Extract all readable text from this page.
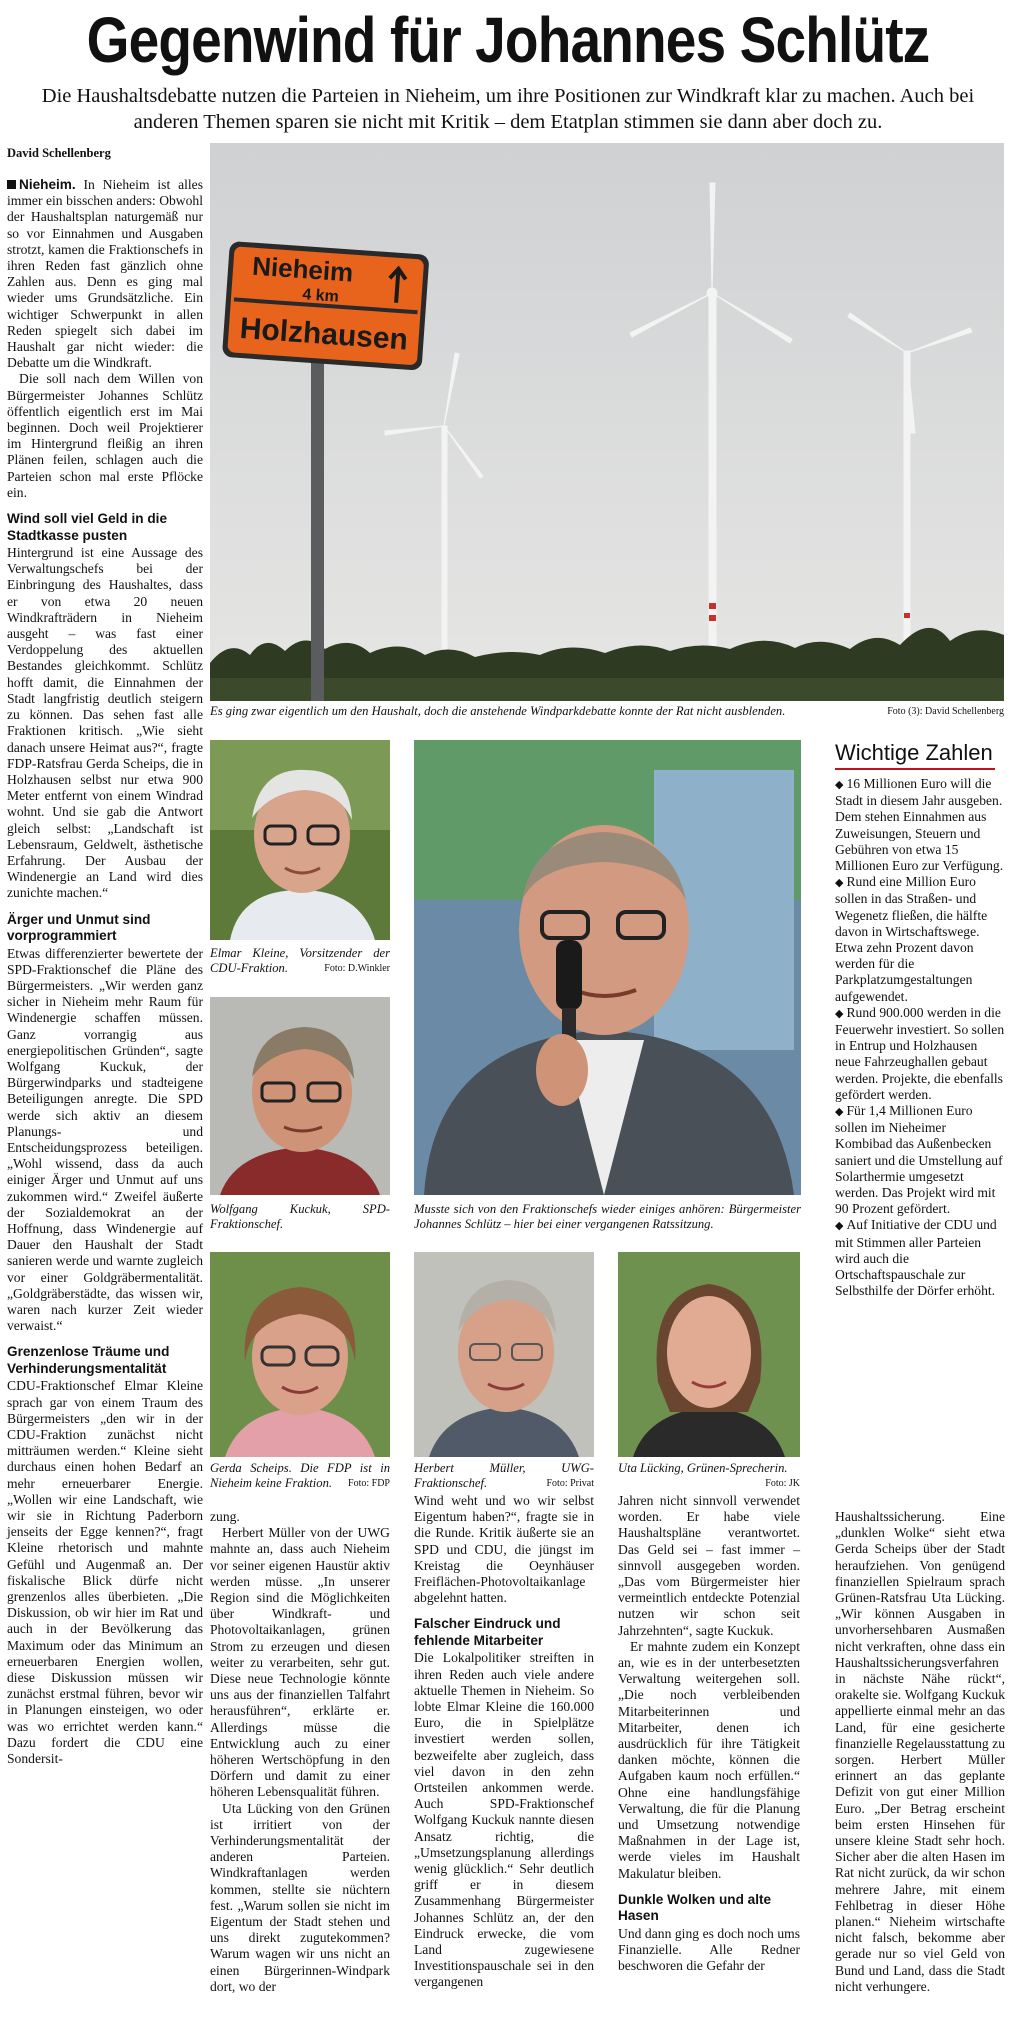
Gegenwind für Johannes Schlütz
Die Haushaltsdebatte nutzen die Parteien in Nieheim, um ihre Positionen zur Windkraft klar zu machen. Auch bei anderen Themen sparen sie nicht mit Kritik – dem Etatplan stimmen sie dann aber doch zu.
David Schellenberg

Nieheim. In Nieheim ist alles immer ein bisschen anders: Obwohl der Haushaltsplan naturgemäß nur so vor Einnahmen und Ausgaben strotzt, kamen die Fraktionschefs in ihren Reden fast gänzlich ohne Zahlen aus. Denn es ging mal wieder ums Grundsätzliche. Ein wichtiger Schwerpunkt in allen Reden spiegelt sich dabei im Haushalt gar nicht wieder: die Debatte um die Windkraft.

Die soll nach dem Willen von Bürgermeister Johannes Schlütz öffentlich eigentlich erst im Mai beginnen. Doch weil Projektierer im Hintergrund fleißig an ihren Plänen feilen, schlagen auch die Parteien schon mal erste Pflöcke ein.

Wind soll viel Geld in die Stadtkasse pusten

Hintergrund ist eine Aussage des Verwaltungschefs bei der Einbringung des Haushaltes, dass er von etwa 20 neuen Windkrafträdern in Nieheim ausgeht – was fast einer Verdoppelung des aktuellen Bestandes gleichkommt. Schlütz hofft damit, die Einnahmen der Stadt langfristig deutlich steigern zu können. Das sehen fast alle Fraktionen kritisch. „Wie sieht danach unsere Heimat aus?“, fragte FDP-Ratsfrau Gerda Scheips, die in Holzhausen selbst nur etwa 900 Meter entfernt von einem Windrad wohnt. Und sie gab die Antwort gleich selbst: „Landschaft ist Lebensraum, Geldwelt, ästhetische Erfahrung. Der Ausbau der Windenergie an Land wird dies zunichte machen.“

Ärger und Unmut sind vorprogrammiert

Etwas differenzierter bewertete der SPD-Fraktionschef die Pläne des Bürgermeisters. „Wir werden ganz sicher in Nieheim mehr Raum für Windenergie schaffen müssen. Ganz vorrangig aus energiepolitischen Gründen“, sagte Wolfgang Kuckuk, der Bürgerwindparks und stadteigene Beteiligungen anregte. Die SPD werde sich aktiv an diesem Planungs- und Entscheidungsprozess beteiligen. „Wohl wissend, dass da auch einiger Ärger und Unmut auf uns zukommen wird.“ Zweifel äußerte der Sozialdemokrat an der Hoffnung, dass Windenergie auf Dauer den Haushalt der Stadt sanieren werde und warnte zugleich vor einer Goldgräbermentalität. „Goldgräberstädte, das wissen wir, waren nach kurzer Zeit wieder verwaist.“

Grenzenlose Träume und Verhinderungsmentalität

CDU-Fraktionschef Elmar Kleine sprach gar von einem Traum des Bürgermeisters „den wir in der CDU-Fraktion zunächst nicht mitträumen werden.“ Kleine sieht durchaus einen hohen Bedarf an mehr erneuerbarer Energie. „Wollen wir eine Landschaft, wie wir sie in Richtung Paderborn jenseits der Egge kennen?“, fragt Kleine rhetorisch und mahnte Gefühl und Augenmaß an. Der fiskalische Blick dürfe nicht grenzenlos alles überbieten. „Die Diskussion, ob wir hier im Rat und auch in der Bevölkerung das Maximum oder das Minimum an erneuerbaren Energien wollen, diese Diskussion müssen wir zunächst erstmal führen, bevor wir in Planungen einsteigen, wo oder was wo errichtet werden kann.“ Dazu fordert die CDU eine Sondersit-

Nieheim
4 km
Holzhausen
Es ging zwar eigentlich um den Haushalt, doch die anstehende Windparkdebatte konnte der Rat nicht ausblenden.	Foto (3): David Schellenberg
Elmar Kleine, Vorsitzender der CDU-Fraktion.	Foto: D.Winkler
Wolfgang Kuckuk, SPD-Fraktionschef.
Musste sich von den Fraktionschefs wieder einiges anhören: Bürgermeister Johannes Schlütz – hier bei einer vergangenen Ratssitzung.
Wichtige Zahlen
◆ 16 Millionen Euro will die Stadt in diesem Jahr ausgeben. Dem stehen Einnahmen aus Zuweisungen, Steuern und Gebühren von etwa 15 Millionen Euro zur Verfügung.
◆ Rund eine Million Euro sollen in das Straßen- und Wegenetz fließen, die hälfte davon in Wirtschaftswege. Etwa zehn Prozent davon werden für die Parkplatzumgestaltungen aufgewendet.
◆ Rund 900.000 werden in die Feuerwehr investiert. So sollen in Entrup und Holzhausen neue Fahrzeughallen gebaut werden. Projekte, die ebenfalls gefördert werden.
◆ Für 1,4 Millionen Euro sollen im Nieheimer Kombibad das Außenbecken saniert und die Umstellung auf Solarthermie umgesetzt werden. Das Projekt wird mit 90 Prozent gefördert.
◆ Auf Initiative der CDU und mit Stimmen aller Parteien wird auch die Ortschaftspauschale zur Selbsthilfe der Dörfer erhöht.
Gerda Scheips. Die FDP ist in Nieheim keine Fraktion. Foto: FDP
Herbert Müller, UWG-Fraktionschef.	Foto: Privat
Uta Lücking, Grünen-Sprecherin.
Foto: JK

zung.

Herbert Müller von der UWG mahnte an, dass auch Nieheim vor seiner eigenen Haustür aktiv werden müsse. „In unserer Region sind die Möglichkeiten über Windkraft- und Photovoltaikanlagen, grünen Strom zu erzeugen und diesen weiter zu verarbeiten, sehr gut. Diese neue Technologie könnte uns aus der finanziellen Talfahrt herausführen“, erklärte er. Allerdings müsse die Entwicklung auch zu einer höheren Wertschöpfung in den Dörfern und damit zu einer höheren Lebensqualität führen.

Uta Lücking von den Grünen ist irritiert von der Verhinderungsmentalität der anderen Parteien. Windkraftanlagen werden kommen, stellte sie nüchtern fest. „Warum sollen sie nicht im Eigentum der Stadt stehen und uns direkt zugutekommen? Warum wagen wir uns nicht an einen Bürgerinnen-Windpark dort, wo der

Wind weht und wo wir selbst Eigentum haben?“, fragte sie in die Runde. Kritik äußerte sie an SPD und CDU, die jüngst im Kreistag die Oeynhäuser Freiflächen-Photovoltaikanlage abgelehnt hatten.

Falscher Eindruck und fehlende Mitarbeiter

Die Lokalpolitiker streiften in ihren Reden auch viele andere aktuelle Themen in Nieheim. So lobte Elmar Kleine die 160.000 Euro, die in Spielplätze investiert werden sollen, bezweifelte aber zugleich, dass viel davon in den zehn Ortsteilen ankommen werde. Auch SPD-Fraktionschef Wolfgang Kuckuk nannte diesen Ansatz richtig, die „Umsetzungsplanung allerdings wenig glücklich.“ Sehr deutlich griff er in diesem Zusammenhang Bürgermeister Johannes Schlütz an, der den Eindruck erwecke, die vom Land zugewiesene Investitionspauschale sei in den vergangenen

Jahren nicht sinnvoll verwendet worden. Er habe viele Haushaltspläne verantwortet. Das Geld sei – fast immer – sinnvoll ausgegeben worden. „Das vom Bürgermeister hier vermeintlich entdeckte Potenzial nutzen wir schon seit Jahrzehnten“, sagte Kuckuk.

Er mahnte zudem ein Konzept an, wie es in der unterbesetzten Verwaltung weitergehen soll. „Die noch verbleibenden Mitarbeiterinnen und Mitarbeiter, denen ich ausdrücklich für ihre Tätigkeit danken möchte, können die Aufgaben kaum noch erfüllen.“ Ohne eine handlungsfähige Verwaltung, die für die Planung und Umsetzung notwendige Maßnahmen in der Lage ist, werde vieles im Haushalt Makulatur bleiben.

Dunkle Wolken und alte Hasen

Und dann ging es doch noch ums Finanzielle. Alle Redner beschworen die Gefahr der

Haushaltssicherung. Eine „dunklen Wolke“ sieht etwa Gerda Scheips über der Stadt heraufziehen. Von genügend finanziellen Spielraum sprach Grünen-Ratsfrau Uta Lücking. „Wir können Ausgaben in unvorhersehbaren Ausmaßen nicht verkraften, ohne dass ein Haushaltssicherungsverfahren in nächste Nähe rückt“, orakelte sie. Wolfgang Kuckuk appellierte einmal mehr an das Land, für eine gesicherte finanzielle Regelausstattung zu sorgen. Herbert Müller erinnert an das geplante Defizit von gut einer Million Euro. „Der Betrag erscheint beim ersten Hinsehen für unsere kleine Stadt sehr hoch. Sicher aber die alten Hasen im Rat nicht zurück, da wir schon mehrere Jahre, mit einem Fehlbetrag in dieser Höhe planen.“ Nieheim wirtschafte nicht falsch, bekomme aber gerade nur so viel Geld von Bund und Land, dass die Stadt nicht verhungere.
